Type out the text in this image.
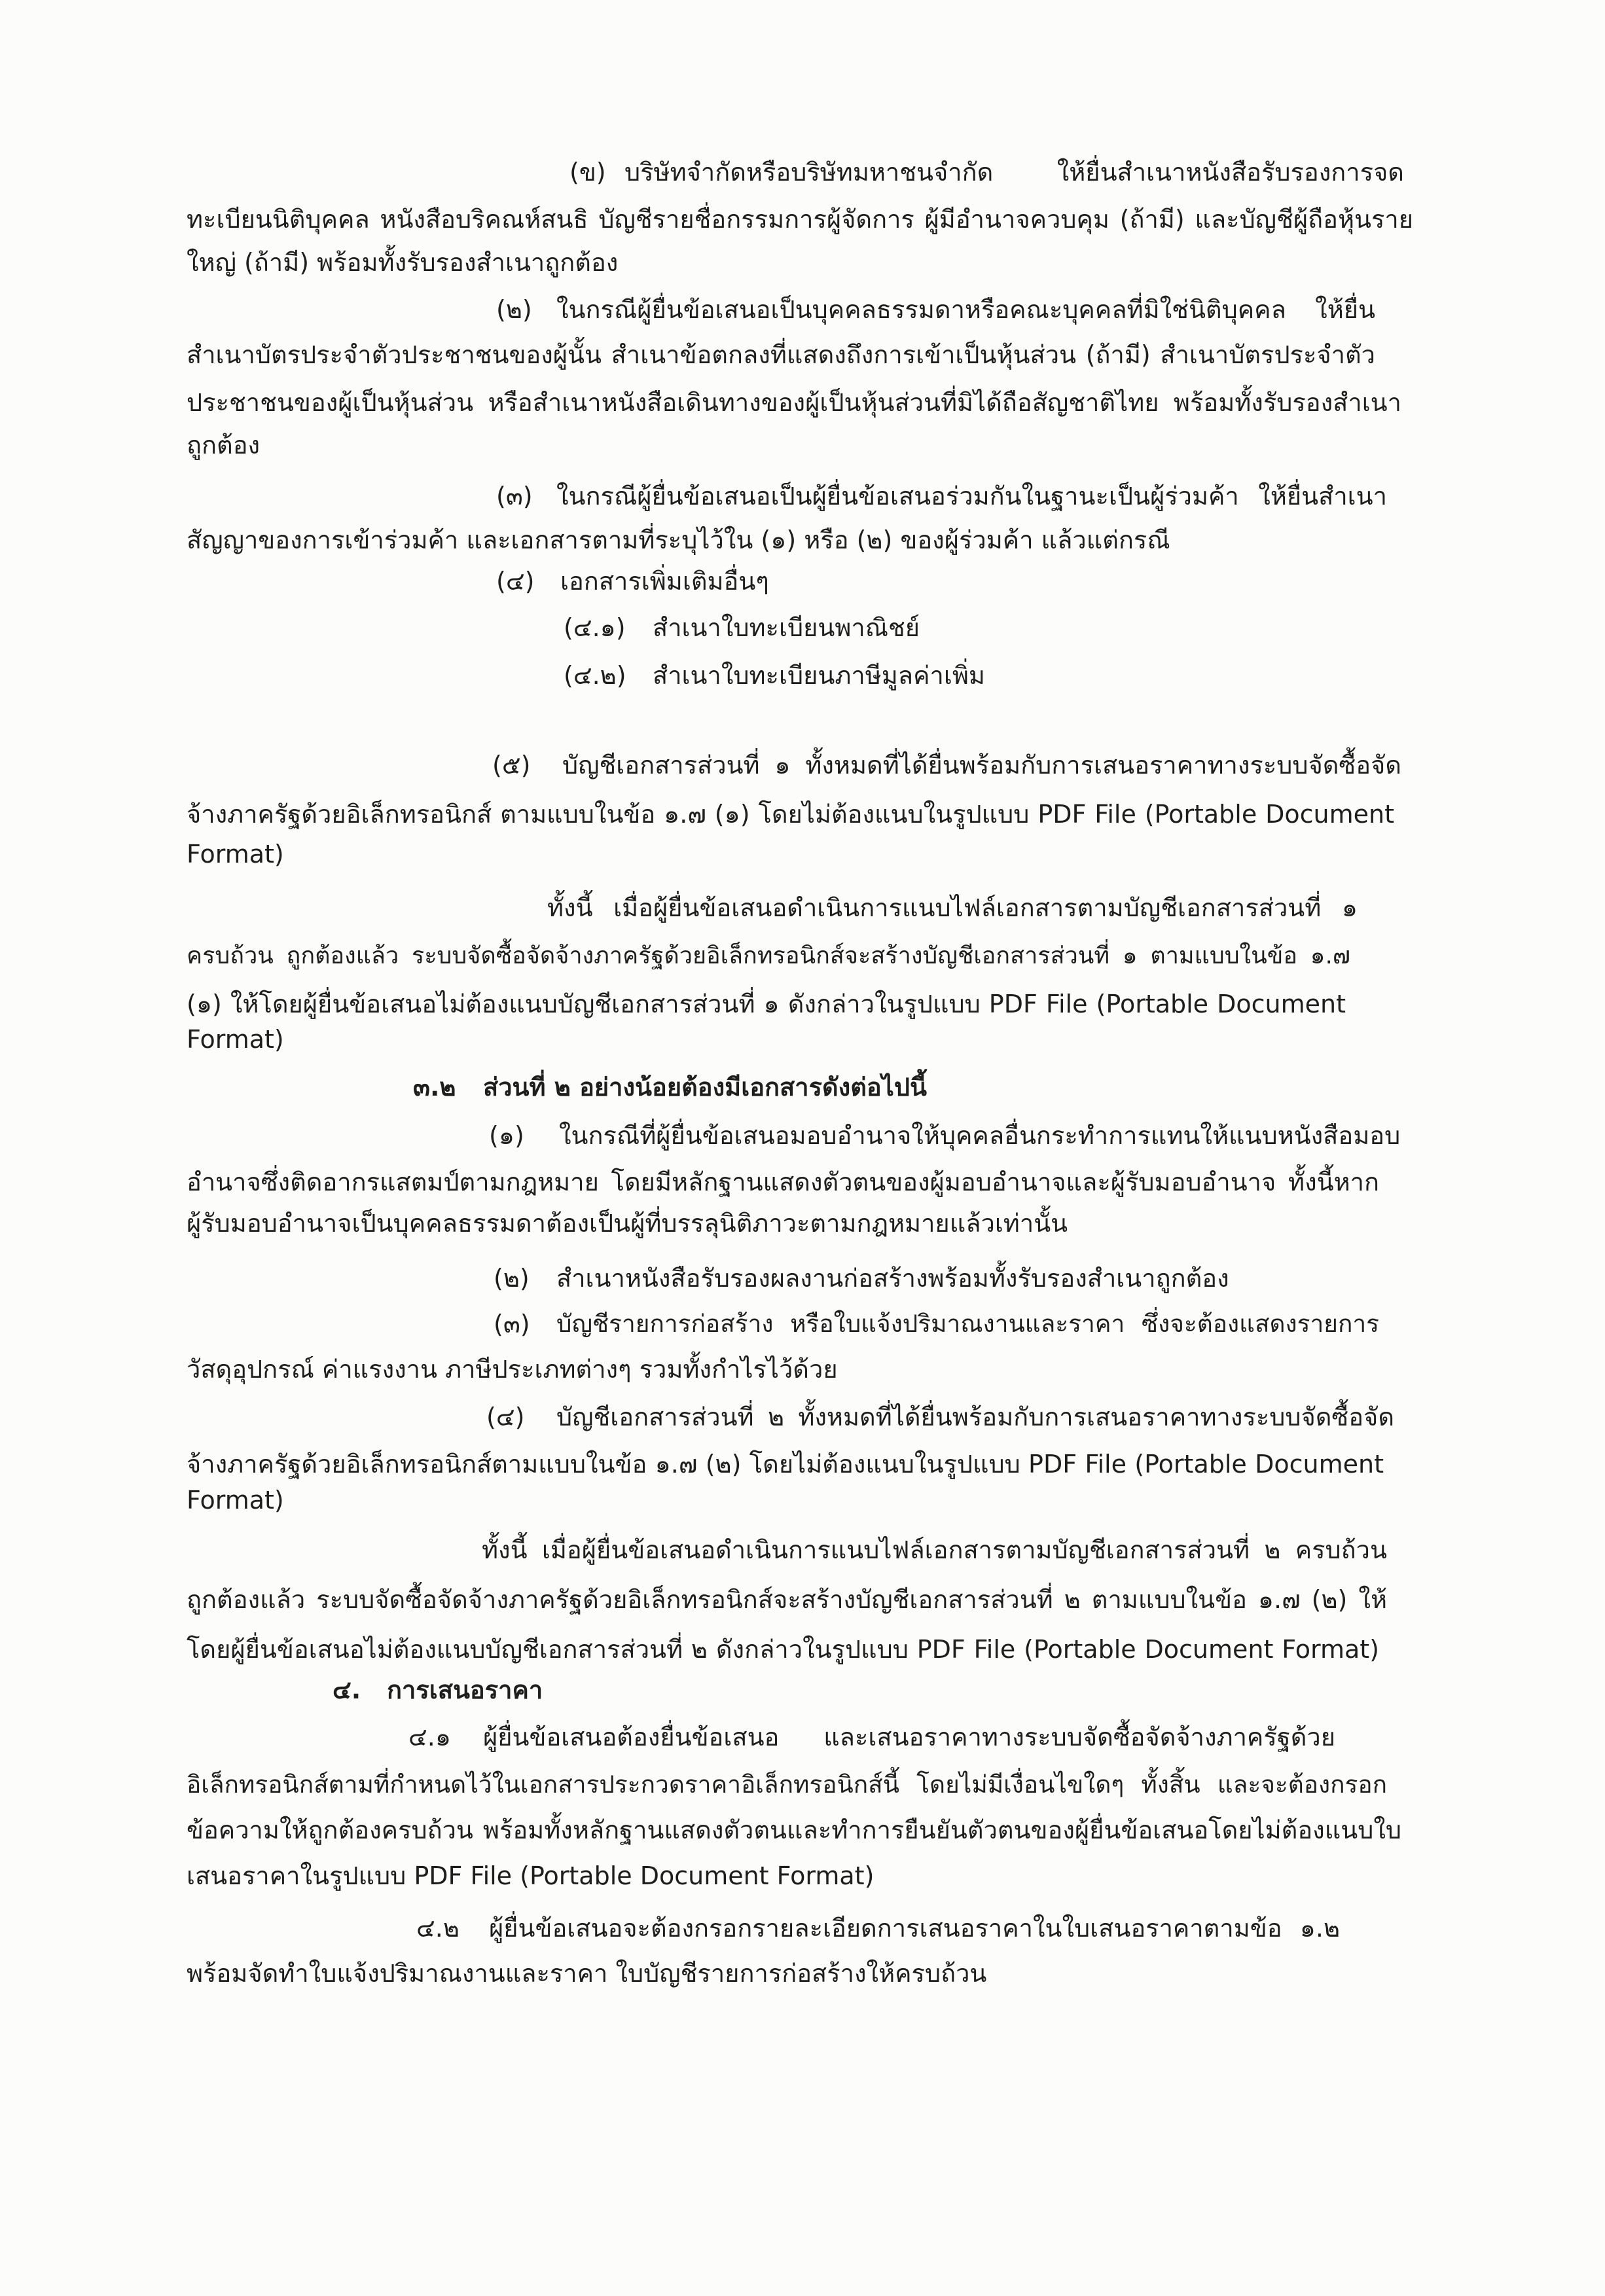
(ข) บริษัทจำกัดหรือบริษัทมหาชนจำกัด ให้ยื่นสำเนาหนังสือรับรองการจด
ทะเบียนนิติบุคคล หนังสือบริคณห์สนธิ บัญชีรายชื่อกรรมการผู้จัดการ ผู้มีอำนาจควบคุม (ถ้ามี) และบัญชีผู้ถือหุ้นราย
ใหญ่ (ถ้ามี) พร้อมทั้งรับรองสำเนาถูกต้อง
(๒) ในกรณีผู้ยื่นข้อเสนอเป็นบุคคลธรรมดาหรือคณะบุคคลที่มิใช่นิติบุคคล ให้ยื่น
สำเนาบัตรประจำตัวประชาชนของผู้นั้น สำเนาข้อตกลงที่แสดงถึงการเข้าเป็นหุ้นส่วน (ถ้ามี) สำเนาบัตรประจำตัว
ประชาชนของผู้เป็นหุ้นส่วน หรือสำเนาหนังสือเดินทางของผู้เป็นหุ้นส่วนที่มิได้ถือสัญชาติไทย พร้อมทั้งรับรองสำเนา
ถูกต้อง
(๓) ในกรณีผู้ยื่นข้อเสนอเป็นผู้ยื่นข้อเสนอร่วมกันในฐานะเป็นผู้ร่วมค้า ให้ยื่นสำเนา
สัญญาของการเข้าร่วมค้า และเอกสารตามที่ระบุไว้ใน (๑) หรือ (๒) ของผู้ร่วมค้า แล้วแต่กรณี
(๔)	เอกสารเพิ่มเติมอื่นๆ
(๔.๑)	สำเนาใบทะเบียนพาณิชย์
(๔.๒)	สำเนาใบทะเบียนภาษีมูลค่าเพิ่ม
(๕)	บัญชีเอกสารส่วนที่ ๑ ทั้งหมดที่ได้ยื่นพร้อมกับการเสนอราคาทางระบบจัดซื้อจัด
จ้างภาครัฐด้วยอิเล็กทรอนิกส์ ตามแบบในข้อ ๑.๗ (๑) โดยไม่ต้องแนบในรูปแบบ PDF File (Portable Document
Format)
ทั้งนี้ เมื่อผู้ยื่นข้อเสนอดำเนินการแนบไฟล์เอกสารตามบัญชีเอกสารส่วนที่ ๑
ครบถ้วน ถูกต้องแล้ว ระบบจัดซื้อจัดจ้างภาครัฐด้วยอิเล็กทรอนิกส์จะสร้างบัญชีเอกสารส่วนที่ ๑ ตามแบบในข้อ ๑.๗
(๑) ให้โดยผู้ยื่นข้อเสนอไม่ต้องแนบบัญชีเอกสารส่วนที่ ๑ ดังกล่าวในรูปแบบ PDF File (Portable Document
Format)
๓.๒	ส่วนที่ ๒ อย่างน้อยต้องมีเอกสารดังต่อไปนี้
(๑)	ในกรณีที่ผู้ยื่นข้อเสนอมอบอำนาจให้บุคคลอื่นกระทำการแทนให้แนบหนังสือมอบ
อำนาจซึ่งติดอากรแสตมป์ตามกฎหมาย โดยมีหลักฐานแสดงตัวตนของผู้มอบอำนาจและผู้รับมอบอำนาจ ทั้งนี้หาก
ผู้รับมอบอำนาจเป็นบุคคลธรรมดาต้องเป็นผู้ที่บรรลุนิติภาวะตามกฎหมายแล้วเท่านั้น
(๒)	สำเนาหนังสือรับรองผลงานก่อสร้างพร้อมทั้งรับรองสำเนาถูกต้อง
(๓)	บัญชีรายการก่อสร้าง หรือใบแจ้งปริมาณงานและราคา ซึ่งจะต้องแสดงรายการ
วัสดุอุปกรณ์ ค่าแรงงาน ภาษีประเภทต่างๆ รวมทั้งกำไรไว้ด้วย
(๔)	บัญชีเอกสารส่วนที่ ๒ ทั้งหมดที่ได้ยื่นพร้อมกับการเสนอราคาทางระบบจัดซื้อจัด
จ้างภาครัฐด้วยอิเล็กทรอนิกส์ตามแบบในข้อ ๑.๗ (๒) โดยไม่ต้องแนบในรูปแบบ PDF File (Portable Document
Format)
ทั้งนี้ เมื่อผู้ยื่นข้อเสนอดำเนินการแนบไฟล์เอกสารตามบัญชีเอกสารส่วนที่ ๒ ครบถ้วน
ถูกต้องแล้ว ระบบจัดซื้อจัดจ้างภาครัฐด้วยอิเล็กทรอนิกส์จะสร้างบัญชีเอกสารส่วนที่ ๒ ตามแบบในข้อ ๑.๗ (๒) ให้
โดยผู้ยื่นข้อเสนอไม่ต้องแนบบัญชีเอกสารส่วนที่ ๒ ดังกล่าวในรูปแบบ PDF File (Portable Document Format)
๔.	การเสนอราคา
๔.๑	ผู้ยื่นข้อเสนอต้องยื่นข้อเสนอ และเสนอราคาทางระบบจัดซื้อจัดจ้างภาครัฐด้วย
อิเล็กทรอนิกส์ตามที่กำหนดไว้ในเอกสารประกวดราคาอิเล็กทรอนิกส์นี้ โดยไม่มีเงื่อนไขใดๆ ทั้งสิ้น และจะต้องกรอก
ข้อความให้ถูกต้องครบถ้วน พร้อมทั้งหลักฐานแสดงตัวตนและทำการยืนยันตัวตนของผู้ยื่นข้อเสนอโดยไม่ต้องแนบใบ
เสนอราคาในรูปแบบ PDF File (Portable Document Format)
๔.๒	ผู้ยื่นข้อเสนอจะต้องกรอกรายละเอียดการเสนอราคาในใบเสนอราคาตามข้อ ๑.๒
พร้อมจัดทำใบแจ้งปริมาณงานและราคา ใบบัญชีรายการก่อสร้างให้ครบถ้วน
